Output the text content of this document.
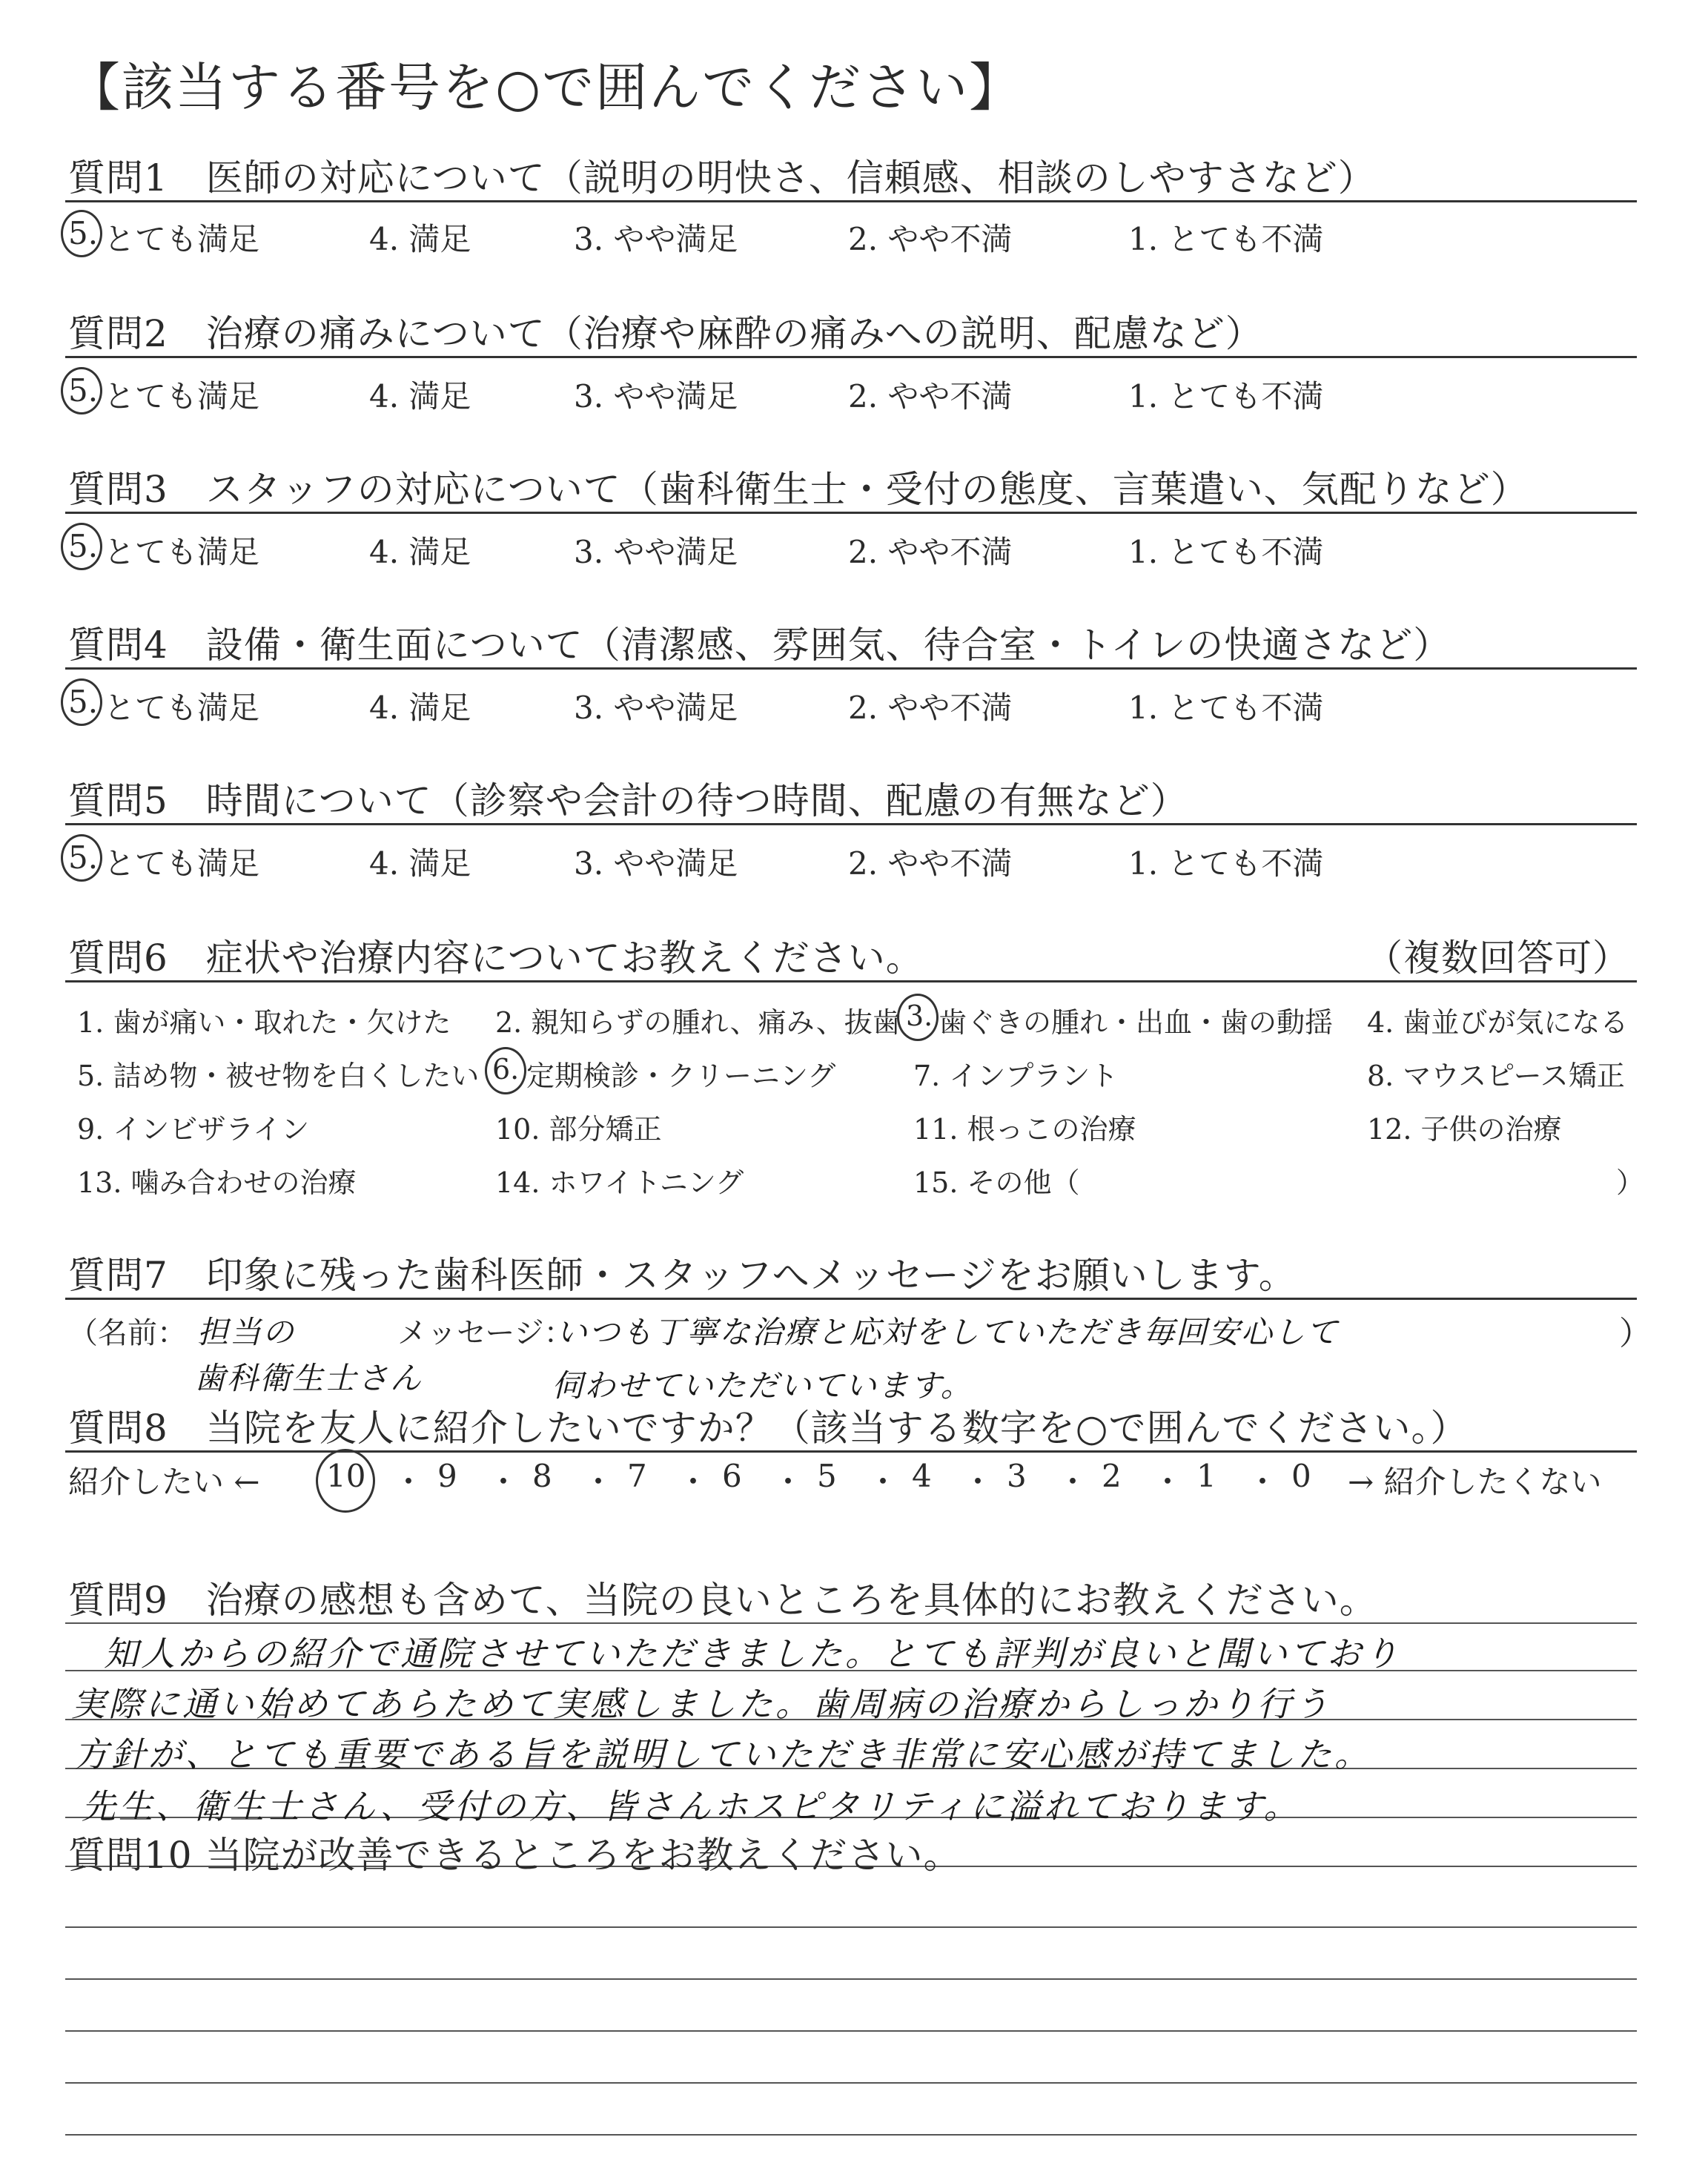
【該当する番号を○で囲んでください】
質問1　医師の対応について（説明の明快さ、信頼感、相談のしやすさなど）
5. とても満足	4. 満足	3. やや満足	2. やや不満	1. とても不満
質問2　治療の痛みについて（治療や麻酔の痛みへの説明、配慮など）
5. とても満足	4. 満足	3. やや満足	2. やや不満	1. とても不満
質問3　スタッフの対応について（歯科衛生士・受付の態度、言葉遣い、気配りなど）
5. とても満足	4. 満足	3. やや満足	2. やや不満	1. とても不満
質問4　設備・衛生面について（清潔感、雰囲気、待合室・トイレの快適さなど）
5. とても満足	4. 満足	3. やや満足	2. やや不満	1. とても不満
質問5　時間について（診察や会計の待つ時間、配慮の有無など）
5. とても満足	4. 満足	3. やや満足	2. やや不満	1. とても不満
質問6　症状や治療内容についてお教えください。	（複数回答可）
1. 歯が痛い・取れた・欠けた 2. 親知らずの腫れ、痛み、抜歯 3. 歯ぐきの腫れ・出血・歯の動揺 4. 歯並びが気になる
5. 詰め物・被せ物を白くしたい 6. 定期検診・クリーニング	7. インプラント	8. マウスピース矯正
9. インビザライン	10. 部分矯正	11. 根っこの治療	12. 子供の治療
13. 噛み合わせの治療	14. ホワイトニング	15. その他（	）
質問7　印象に残った歯科医師・スタッフへメッセージをお願いします。
（名前： 担当の
歯科衛生士さん
メッセージ：
いつも丁寧な治療と応対をしていただき毎回安心して
伺わせていただいています。
）
質問8　当院を友人に紹介したいですか？（該当する数字を○で囲んでください。）
紹介したい ← 10 ・ 9 ・ 8 ・ 7 ・ 6 ・ 5 ・ 4 ・ 3 ・ 2 ・ 1 ・ 0 → 紹介したくない
質問9　治療の感想も含めて、当院の良いところを具体的にお教えください。
知人からの紹介で通院させていただきました。とても評判が良いと聞いており
実際に通い始めてあらためて実感しました。歯周病の治療からしっかり行う
方針が、とても重要である旨を説明していただき非常に安心感が持てました。
先生、衛生士さん、受付の方、皆さんホスピタリティに溢れております。
質問10 当院が改善できるところをお教えください。
